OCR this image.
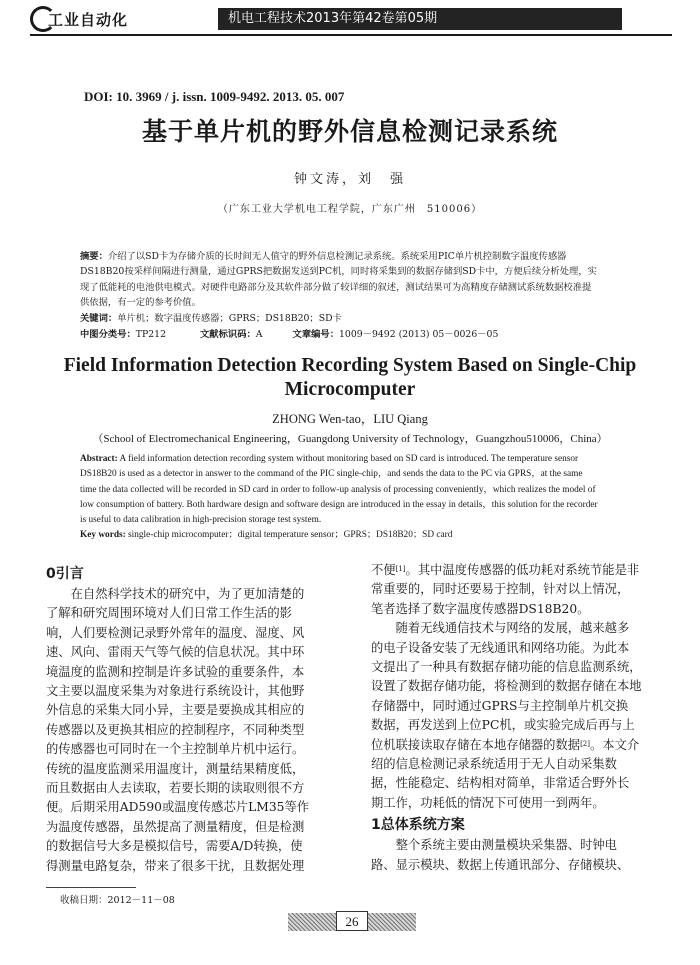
工业自动化	机电工程技术2013年第42卷第05期
DOI: 10. 3969 / j. issn. 1009-9492. 2013. 05. 007
基于单片机的野外信息检测记录系统
钟文涛，刘　强
（广东工业大学机电工程学院，广东广州　510006）
摘要：介绍了以SD卡为存储介质的长时间无人值守的野外信息检测记录系统。系统采用PIC单片机控制数字温度传感器
DS18B20按采样间隔进行测量，通过GPRS把数据发送到PC机，同时将采集到的数据存储到SD卡中，方便后续分析处理，实
现了低能耗的电池供电模式。对硬件电路部分及其软件部分做了较详细的叙述，测试结果可为高精度存储测试系统数据校准提
供依据，有一定的参考价值。
关键词：单片机；数字温度传感器；GPRS；DS18B20；SD卡
中图分类号：TP212	文献标识码：A	文章编号：1009－9492 (2013) 05－0026－05
Field Information Detection Recording System Based on Single-Chip
Microcomputer
ZHONG Wen-tao，LIU Qiang
（School of Electromechanical Engineering，Guangdong University of Technology，Guangzhou510006，China）
Abstract: A field information detection recording system without monitoring based on SD card is introduced. The temperature sensor
DS18B20 is used as a detector in answer to the command of the PIC single-chip，and sends the data to the PC via GPRS，at the same
time the data collected will be recorded in SD card in order to follow-up analysis of processing conveniently，which realizes the model of
low consumption of battery. Both hardware design and software design are introduced in the essay in details，this solution for the recorder
is useful to data calibration in high-precision storage test system.
Key words: single-chip microcomputer；digital temperature sensor；GPRS；DS18B20；SD card
0引言
　　在自然科学技术的研究中，为了更加清楚的
了解和研究周围环境对人们日常工作生活的影
响，人们要检测记录野外常年的温度、湿度、风
速、风向、雷雨天气等气候的信息状况。其中环
境温度的监测和控制是许多试验的重要条件，本
文主要以温度采集为对象进行系统设计，其他野
外信息的采集大同小异，主要是要换成其相应的
传感器以及更换其相应的控制程序，不同种类型
的传感器也可同时在一个主控制单片机中运行。
传统的温度监测采用温度计，测量结果精度低，
而且数据由人去读取，若要长期的读取则很不方
便。后期采用AD590或温度传感芯片LM35等作
为温度传感器，虽然提高了测量精度，但是检测
的数据信号大多是模拟信号，需要A/D转换，使
得测量电路复杂，带来了很多干扰，且数据处理
不便[1]。其中温度传感器的低功耗对系统节能是非
常重要的，同时还要易于控制，针对以上情况，
笔者选择了数字温度传感器DS18B20。
　　随着无线通信技术与网络的发展，越来越多
的电子设备安装了无线通讯和网络功能。为此本
文提出了一种具有数据存储功能的信息监测系统，
设置了数据存储功能，将检测到的数据存储在本地
存储器中，同时通过GPRS与主控制单片机交换
数据，再发送到上位PC机，或实验完成后再与上
位机联接读取存储在本地存储器的数据[2]。本文介
绍的信息检测记录系统适用于无人自动采集数
据，性能稳定、结构相对简单，非常适合野外长
期工作，功耗低的情况下可使用一到两年。
1总体系统方案
　　整个系统主要由测量模块采集器、时钟电
路、显示模块、数据上传通讯部分、存储模块、
收稿日期：2012－11－08
26
